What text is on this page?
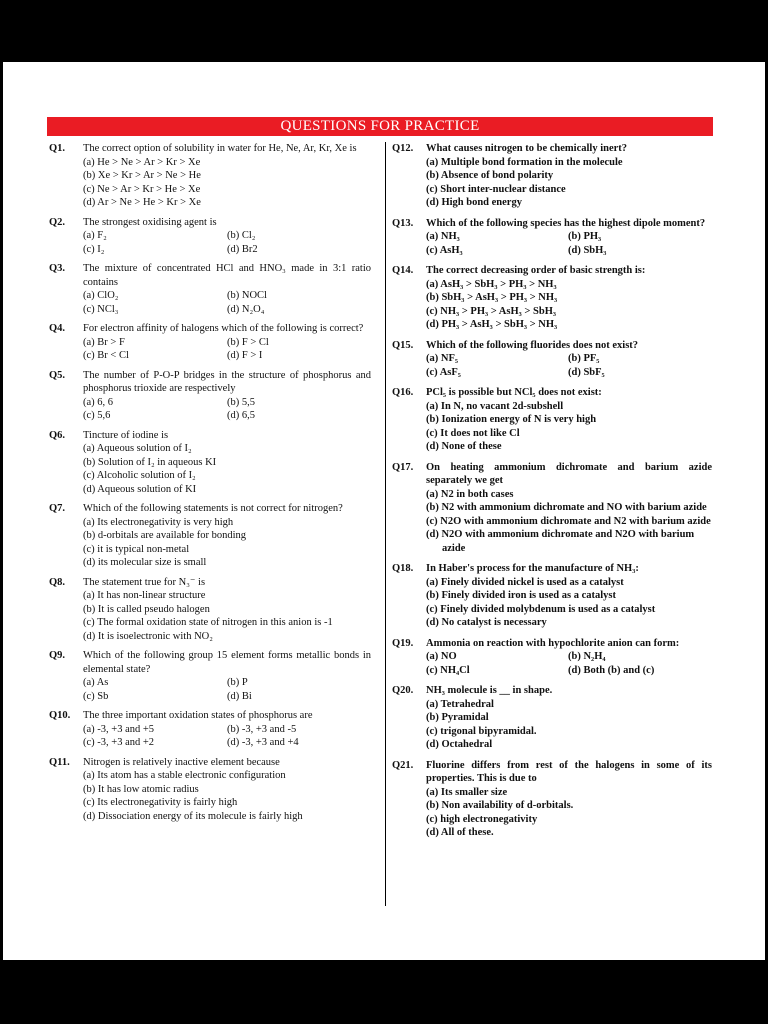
QUESTIONS FOR PRACTICE
Q1. The correct option of solubility in water for He, Ne, Ar, Kr, Xe is
(a) He > Ne > Ar > Kr > Xe
(b) Xe > Kr > Ar > Ne > He
(c) Ne > Ar > Kr > He > Xe
(d) Ar > Ne > He > Kr > Xe
Q2. The strongest oxidising agent is
(a) F₂	(b) Cl₂
(c) I₂	(d) Br2
Q3. The mixture of concentrated HCl and HNO₃ made in 3:1 ratio contains
(a) ClO₂	(b) NOCl
(c) NCl₃	(d) N₂O₄
Q4. For electron affinity of halogens which of the following is correct?
(a) Br > F	(b) F > Cl
(c) Br < Cl	(d) F > I
Q5. The number of P-O-P bridges in the structure of phosphorus and phosphorus trioxide are respectively
(a) 6, 6	(b) 5,5
(c) 5,6	(d) 6,5
Q6. Tincture of iodine is
(a) Aqueous solution of I₂
(b) Solution of I₂ in aqueous KI
(c) Alcoholic solution of I₂
(d) Aqueous solution of KI
Q7. Which of the following statements is not correct for nitrogen?
(a) Its electronegativity is very high
(b) d-orbitals are available for bonding
(c) it is typical non-metal
(d) its molecular size is small
Q8. The statement true for N₃⁻ is
(a) It has non-linear structure
(b) It is called pseudo halogen
(c) The formal oxidation state of nitrogen in this anion is -1
(d) It is isoelectronic with NO₂
Q9. Which of the following group 15 element forms metallic bonds in elemental state?
(a) As	(b) P
(c) Sb	(d) Bi
Q10. The three important oxidation states of phosphorus are
(a) -3, +3 and +5	(b) -3, +3 and -5
(c) -3, +3 and +2	(d) -3, +3 and +4
Q11. Nitrogen is relatively inactive element because
(a) Its atom has a stable electronic configuration
(b) It has low atomic radius
(c) Its electronegativity is fairly high
(d) Dissociation energy of its molecule is fairly high
Q12. What causes nitrogen to be chemically inert?
(a) Multiple bond formation in the molecule
(b) Absence of bond polarity
(c) Short inter-nuclear distance
(d) High bond energy
Q13. Which of the following species has the highest dipole moment?
(a) NH₃	(b) PH₃
(c) AsH₃	(d) SbH₃
Q14. The correct decreasing order of basic strength is:
(a) AsH₃ > SbH₃ > PH₃ > NH₃
(b) SbH₃ > AsH₃ > PH₃ > NH₃
(c) NH₃ > PH₃ > AsH₃ > SbH₃
(d) PH₃ > AsH₃ > SbH₃ > NH₃
Q15. Which of the following fluorides does not exist?
(a) NF₅	(b) PF₅
(c) AsF₅	(d) SbF₅
Q16. PCl₅ is possible but NCl₅ does not exist:
(a) In N, no vacant 2d-subshell
(b) Ionization energy of N is very high
(c) It does not like Cl
(d) None of these
Q17. On heating ammonium dichromate and barium azide separately we get
(a) N2 in both cases
(b) N2 with ammonium dichromate and NO with barium azide
(c) N2O with ammonium dichromate and N2 with barium azide
(d) N2O with ammonium dichromate and N2O with barium azide
Q18. In Haber's process for the manufacture of NH₃:
(a) Finely divided nickel is used as a catalyst
(b) Finely divided iron is used as a catalyst
(c) Finely divided molybdenum is used as a catalyst
(d) No catalyst is necessary
Q19. Ammonia on reaction with hypochlorite anion can form:
(a) NO	(b) N₂H₄
(c) NH₄Cl	(d) Both (b) and (c)
Q20. NH₃ molecule is __ in shape.
(a) Tetrahedral
(b) Pyramidal
(c) trigonal bipyramidal.
(d) Octahedral
Q21. Fluorine differs from rest of the halogens in some of its properties. This is due to
(a) Its smaller size
(b) Non availability of d-orbitals.
(c) high electronegativity
(d) All of these.
